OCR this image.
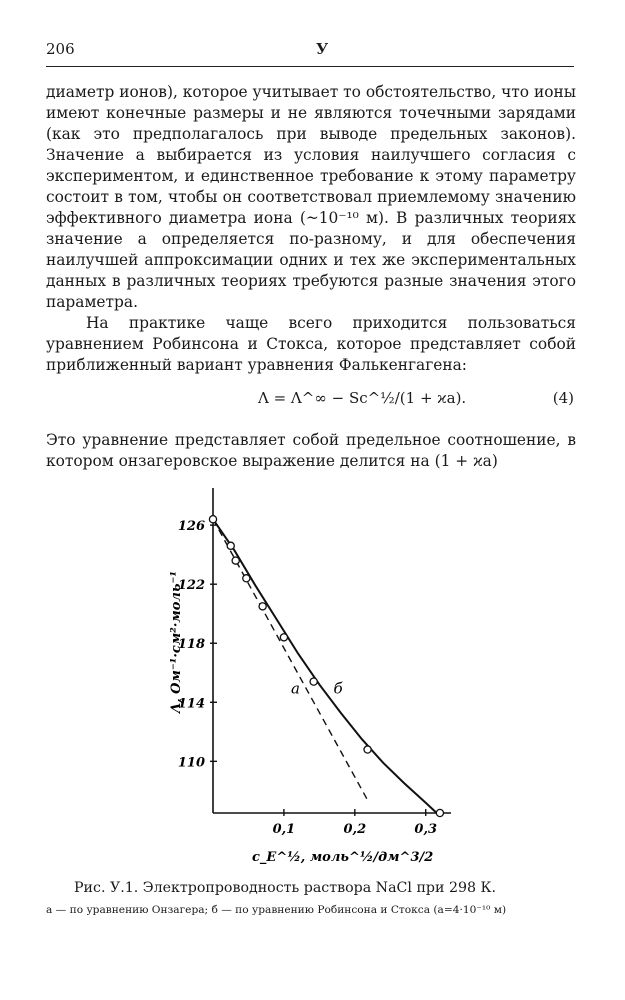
206	У

диаметр ионов), которое учитывает то обстоятельство, что ионы имеют конечные размеры и не являются точечными зарядами (как это предполагалось при выводе предельных законов). Значение a выбирается из условия наилучшего согласия с экспериментом, и единственное требование к этому параметру состоит в том, чтобы он соответствовал приемлемому значению эффективного диаметра иона (~10⁻¹⁰ м). В различных теориях значение a определяется по-разному, и для обеспечения наилучшей аппроксимации одних и тех же экспериментальных данных в различных теориях требуются разные значения этого параметра.

На практике чаще всего приходится пользоваться уравнением Робинсона и Стокса, которое представляет собой приближенный вариант уравнения Фалькенгагена:

Λ = Λ^∞ − Sc^½/(1 + ϰa).	(4)

Это уравнение представляет собой предельное соотношение, в котором онзагеровское выражение делится на (1 + ϰa)

126
122
118
114
110
0,1	0,2	0,3
а б
Λ, Ом⁻¹·см²·моль⁻¹
c_E^½, моль^½/дм^3/2
Рис. У.1. Электропроводность раствора NaCl при 298 К.
а — по уравнению Онзагера; б — по уравнению Робинсона и Стокса (a=4·10⁻¹⁰ м)
